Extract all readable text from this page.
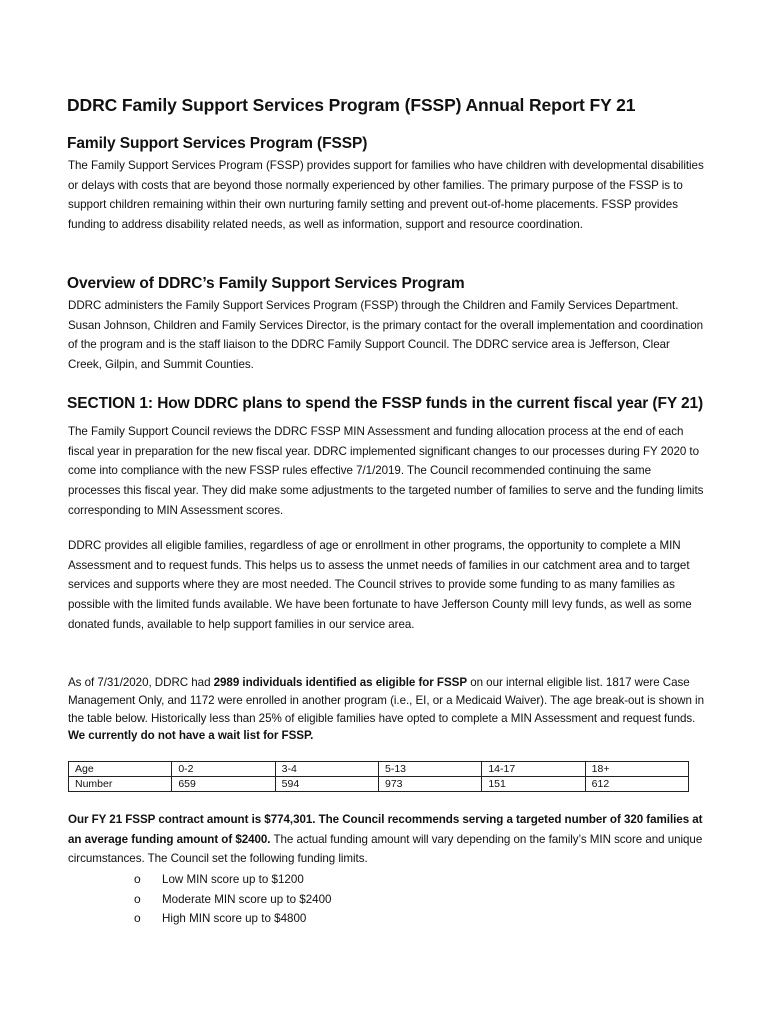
DDRC Family Support Services Program (FSSP) Annual Report FY 21
Family Support Services Program (FSSP)

The Family Support Services Program (FSSP) provides support for families who have children with developmental disabilities or delays with costs that are beyond those normally experienced by other families. The primary purpose of the FSSP is to support children remaining within their own nurturing family setting and prevent out-of-home placements. FSSP provides funding to address disability related needs, as well as information, support and resource coordination.

Overview of DDRC’s Family Support Services Program

DDRC administers the Family Support Services Program (FSSP) through the Children and Family Services Department. Susan Johnson, Children and Family Services Director, is the primary contact for the overall implementation and coordination of the program and is the staff liaison to the DDRC Family Support Council. The DDRC service area is Jefferson, Clear Creek, Gilpin, and Summit Counties.

SECTION 1: How DDRC plans to spend the FSSP funds in the current fiscal year (FY 21)

The Family Support Council reviews the DDRC FSSP MIN Assessment and funding allocation process at the end of each fiscal year in preparation for the new fiscal year. DDRC implemented significant changes to our processes during FY 2020 to come into compliance with the new FSSP rules effective 7/1/2019. The Council recommended continuing the same processes this fiscal year. They did make some adjustments to the targeted number of families to serve and the funding limits corresponding to MIN Assessment scores.

DDRC provides all eligible families, regardless of age or enrollment in other programs, the opportunity to complete a MIN Assessment and to request funds. This helps us to assess the unmet needs of families in our catchment area and to target services and supports where they are most needed. The Council strives to provide some funding to as many families as possible with the limited funds available. We have been fortunate to have Jefferson County mill levy funds, as well as some donated funds, available to help support families in our service area.

As of 7/31/2020, DDRC had 2989 individuals identified as eligible for FSSP on our internal eligible list. 1817 were Case Management Only, and 1172 were enrolled in another program (i.e., EI, or a Medicaid Waiver). The age break-out is shown in the table below. Historically less than 25% of eligible families have opted to complete a MIN Assessment and request funds. We currently do not have a wait list for FSSP.

Age	0-2	3-4	5-13	14-17	18+
Number	659	594	973	151	612

Our FY 21 FSSP contract amount is $774,301. The Council recommends serving a targeted number of 320 families at an average funding amount of $2400. The actual funding amount will vary depending on the family’s MIN score and unique circumstances. The Council set the following funding limits.

o	Low MIN score up to $1200
o	Moderate MIN score up to $2400
o	High MIN score up to $4800
